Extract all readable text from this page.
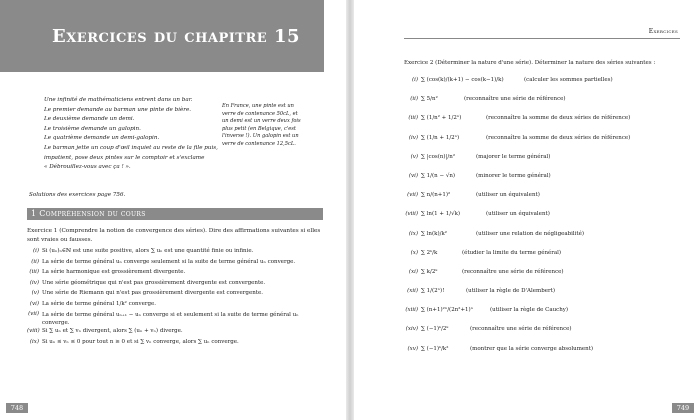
Exercices du chapitre 15
Une infinité de mathématiciens entrent dans un bar.
Le premier demande au barman une pinte de bière.
Le deuxième demande un demi.
Le troisième demande un galopin.
Le quatrième demande un demi-galopin.
Le barman jette un coup d'œil inquiet au reste de la file puis,
impatient, pose deux pintes sur le comptoir et s'exclame
« Débrouillez-vous avec ça ! ».
En France, une pinte est un verre de contenance 50cL, et un demi est un verre deux fois plus petit (en Belgique, c'est l'inverse !). Un galopin est un verre de contenance 12,5cL.
Solutions des exercices page 756.
1 Compréhension du cours
Exercice 1 (Comprendre la notion de convergence des séries). Dire des affirmations suivantes si elles sont vraies ou fausses.
(i) Si (uₙ)ₙ∈ℕ est une suite positive, alors ∑ uₙ est une quantité finie ou infinie.
(ii) La série de terme général uₙ converge seulement si la suite de terme général uₙ converge.
(iii) La série harmonique est grossièrement divergente.
(iv) Une série géométrique qui n'est pas grossièrement divergente est convergente.
(v) Une série de Riemann qui n'est pas grossièrement divergente est convergente.
(vi) La série de terme général 1/k² converge.
(vii) La série de terme général uₙ₊₁ − uₙ converge si et seulement si la suite de terme général uₙ converge.
(viii) Si ∑ uₙ et ∑ vₙ divergent, alors ∑ (uₙ + vₙ) diverge.
(ix) Si uₙ ≤ vₙ ≤ 0 pour tout n ≥ 0 et si ∑ vₙ converge, alors ∑ uₙ converge.
748
Exercices
Exercice 2 (Déterminer la nature d'une série). Déterminer la nature des séries suivantes :
(i) ∑ (cos(k)/(k+1) − cos(k−1)/k)	(calculer les sommes partielles)
(ii) ∑ 5/n²	(reconnaître une série de référence)
(iii) ∑ (1/n² + 1/2ⁿ)	(reconnaître la somme de deux séries de référence)
(iv) ∑ (1/n + 1/2ⁿ)	(reconnaître la somme de deux séries de référence)
(v) ∑ |cos(n)|/n²	(majorer le terme général)
(vi) ∑ 1/(n − √n)	(minorer le terme général)
(vii) ∑ n/(n+1)²	(utiliser un équivalent)
(viii) ∑ ln(1 + 1/√k)	(utiliser un équivalent)
(ix) ∑ ln(k)/k²	(utiliser une relation de négligeabilité)
(x) ∑ 2ᵏ/k	(étudier la limite du terme général)
(xi) ∑ k/2ᵏ	(reconnaître une série de référence)
(xii) ∑ 1/(2ⁿ)!	(utiliser la règle de D'Alembert)
(xiii) ∑ (n+1)²ⁿ/(2n²+1)ⁿ	(utiliser la règle de Cauchy)
(xiv) ∑ (−1)ᵏ/2ᵏ	(reconnaître une série de référence)
(xv) ∑ (−1)ᵏ/k²	(montrer que la série converge absolument)
749
